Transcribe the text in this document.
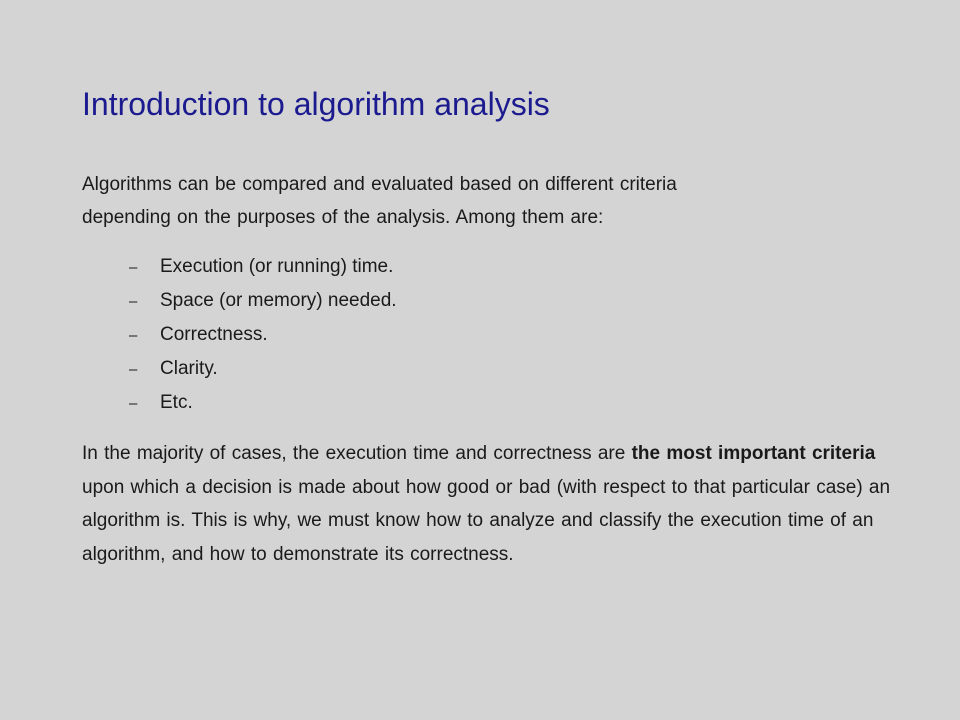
Introduction to algorithm analysis

Algorithms can be compared and evaluated based on different criteria
depending on the purposes of the analysis. Among them are:

– Execution (or running) time.
– Space (or memory) needed.
– Correctness.
– Clarity.
– Etc.

In the majority of cases, the execution time and correctness are the most important criteria upon which a decision is made about how good or bad (with respect to that particular case) an algorithm is. This is why, we must know how to analyze and classify the execution time of an algorithm, and how to demonstrate its correctness.
